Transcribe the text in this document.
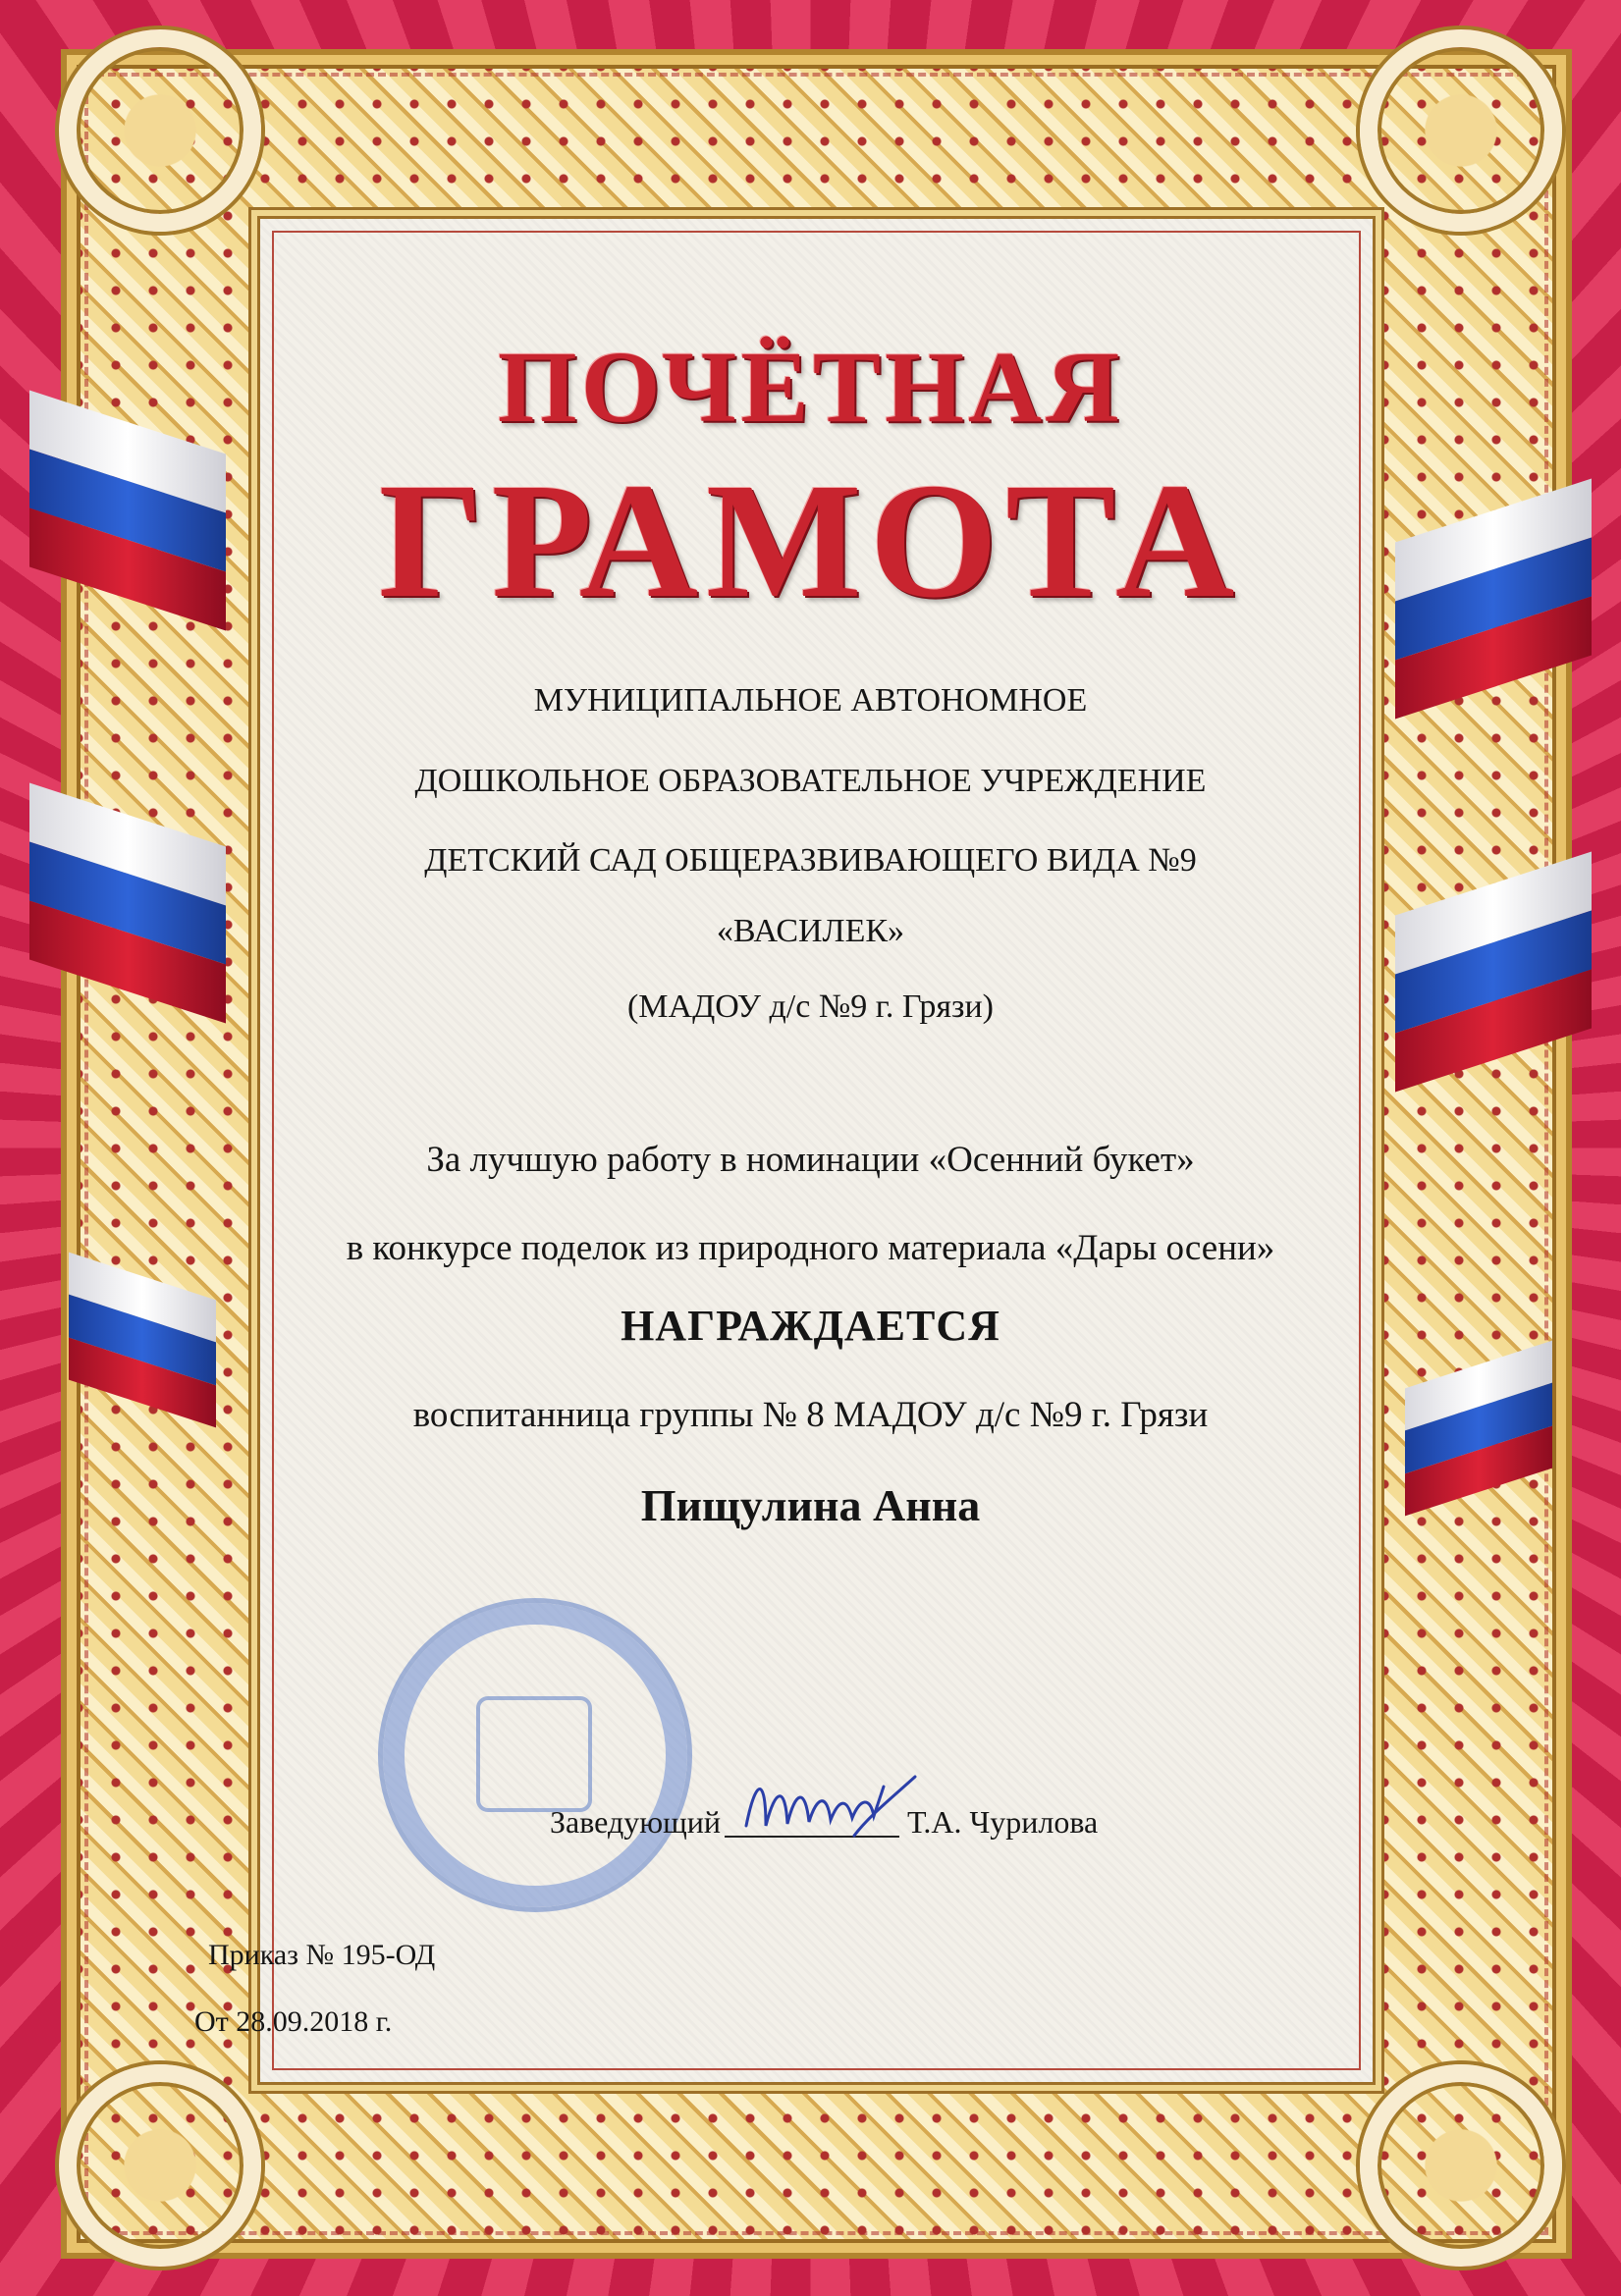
ПОЧЁТНАЯ
ГРАМОТА

МУНИЦИПАЛЬНОЕ АВТОНОМНОЕ

ДОШКОЛЬНОЕ ОБРАЗОВАТЕЛЬНОЕ УЧРЕЖДЕНИЕ

ДЕТСКИЙ САД ОБЩЕРАЗВИВАЮЩЕГО ВИДА №9

«ВАСИЛЕК»

(МАДОУ д/с №9 г. Грязи)

За лучшую работу в номинации «Осенний букет»

в конкурсе поделок из природного материала «Дары осени»

НАГРАЖДАЕТСЯ

воспитанница группы № 8 МАДОУ д/с №9 г. Грязи

Пищулина Анна

Заведующий	Т.А. Чурилова

Приказ № 195-ОД

От 28.09.2018 г.
